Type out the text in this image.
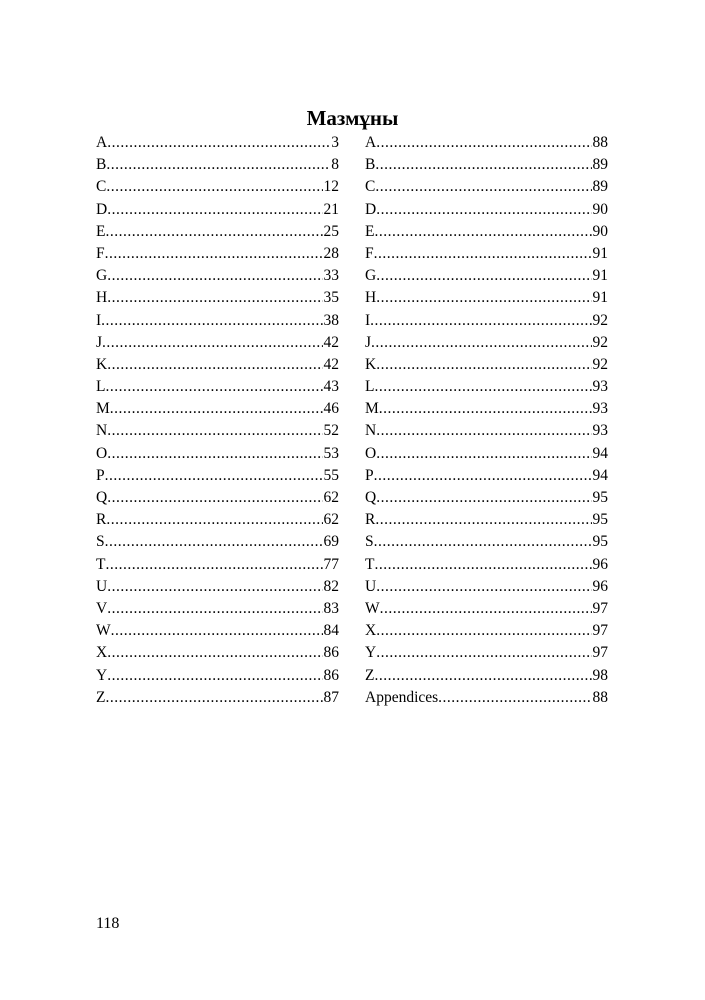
Мазмұны
A .....	3
B .....	8
C .....	12
D .....	21
E .....	25
F .....	28
G .....	33
H .....	35
I .....	38
J .....	42
K .....	42
L .....	43
M .....	46
N .....	52
O .....	53
P .....	55
Q .....	62
R .....	62
S .....	69
T .....	77
U .....	82
V .....	83
W .....	84
X .....	86
Y .....	86
Z .....	87
A .....	88
B .....	89
C .....	89
D .....	90
E .....	90
F .....	91
G .....	91
H .....	91
I .....	92
J .....	92
K .....	92
L .....	93
M .....	93
N .....	93
O .....	94
P .....	94
Q .....	95
R .....	95
S .....	95
T .....	96
U .....	96
W .....	97
X .....	97
Y .....	97
Z .....	98
Appendices .....	88
118
